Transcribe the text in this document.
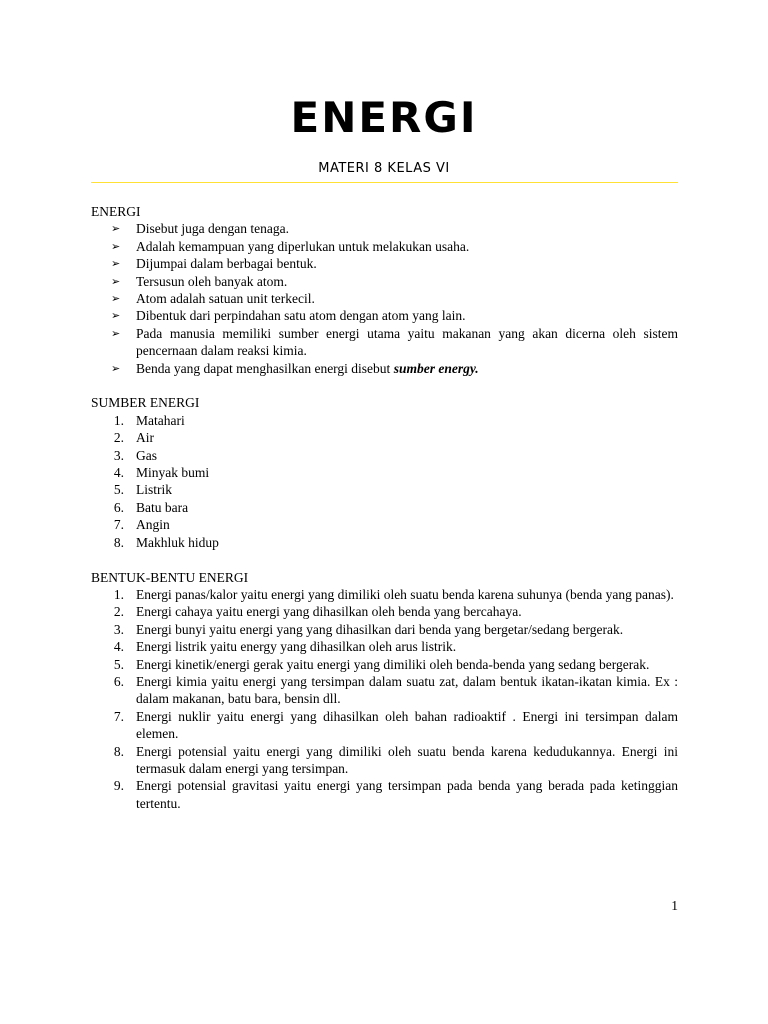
ENERGI
MATERI 8 KELAS VI
ENERGI
➢ Disebut juga dengan tenaga.
➢ Adalah kemampuan yang diperlukan untuk melakukan usaha.
➢ Dijumpai dalam berbagai bentuk.
➢ Tersusun oleh banyak atom.
➢ Atom adalah satuan unit terkecil.
➢ Dibentuk dari perpindahan satu atom dengan atom yang lain.
➢ Pada manusia memiliki sumber energi utama yaitu makanan yang akan dicerna oleh sistem pencernaan dalam reaksi kimia.
➢ Benda yang dapat menghasilkan energi disebut sumber energy.
SUMBER ENERGI
1. Matahari
2. Air
3. Gas
4. Minyak bumi
5. Listrik
6. Batu bara
7. Angin
8. Makhluk hidup
BENTUK-BENTU ENERGI
1. Energi panas/kalor yaitu energi yang dimiliki oleh suatu benda karena suhunya (benda yang panas).
2. Energi cahaya yaitu energi yang dihasilkan oleh benda yang bercahaya.
3. Energi bunyi yaitu energi yang yang dihasilkan dari benda yang bergetar/sedang bergerak.
4. Energi listrik yaitu energy yang dihasilkan oleh arus listrik.
5. Energi kinetik/energi gerak yaitu energi yang dimiliki oleh benda-benda yang sedang bergerak.
6. Energi kimia yaitu energi yang tersimpan dalam suatu zat, dalam bentuk ikatan-ikatan kimia. Ex : dalam makanan, batu bara, bensin dll.
7. Energi nuklir yaitu energi yang dihasilkan oleh bahan radioaktif . Energi ini tersimpan dalam elemen.
8. Energi potensial yaitu energi yang dimiliki oleh suatu benda karena kedudukannya. Energi ini termasuk dalam energi yang tersimpan.
9. Energi potensial gravitasi yaitu energi yang tersimpan pada benda yang berada pada ketinggian tertentu.
1
